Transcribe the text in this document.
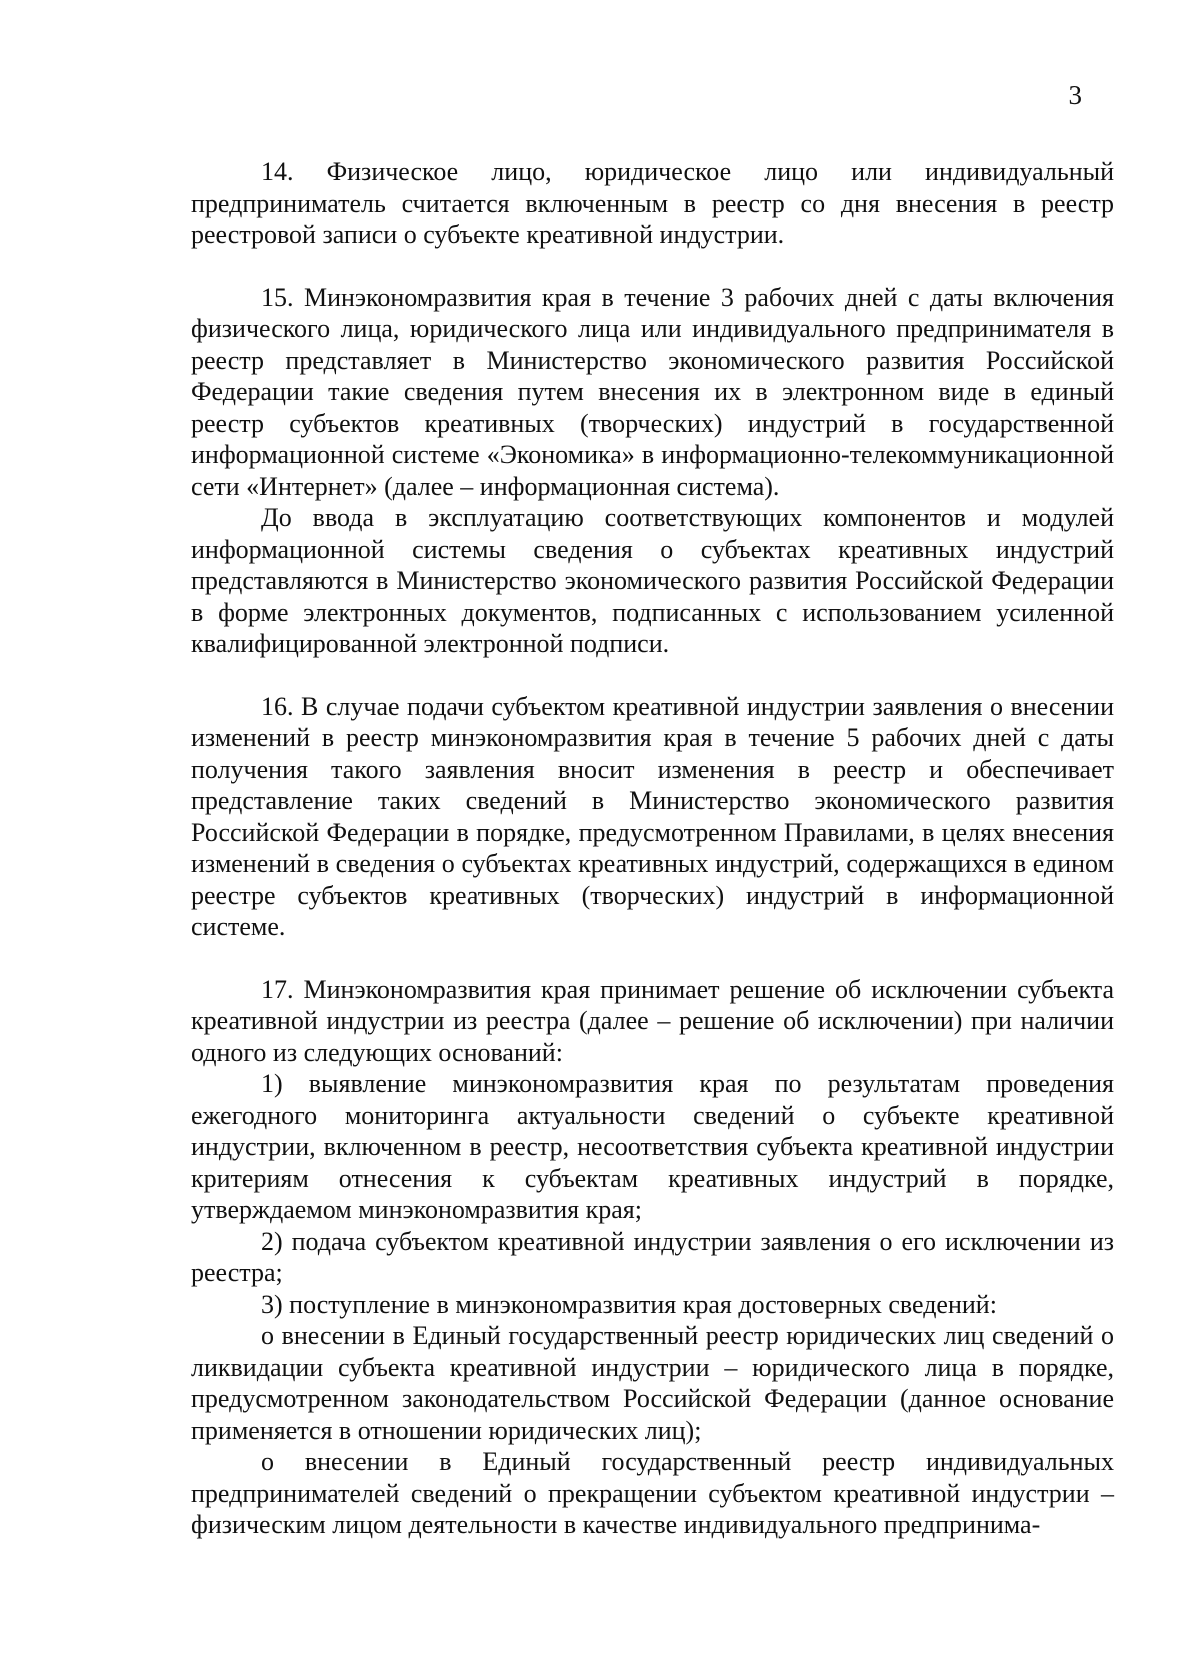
3

14. Физическое лицо, юридическое лицо или индивидуальный предприниматель считается включенным в реестр со дня внесения в реестр реестровой записи о субъекте креативной индустрии.

15. Минэкономразвития края в течение 3 рабочих дней с даты включения физического лица, юридического лица или индивидуального предпринимателя в реестр представляет в Министерство экономического развития Российской Федерации такие сведения путем внесения их в электронном виде в единый реестр субъектов креативных (творческих) индустрий в государственной информационной системе «Экономика» в информационно-телекоммуникационной сети «Интернет» (далее – информационная система).

До ввода в эксплуатацию соответствующих компонентов и модулей информационной системы сведения о субъектах креативных индустрий представляются в Министерство экономического развития Российской Федерации в форме электронных документов, подписанных с использованием усиленной квалифицированной электронной подписи.

16. В случае подачи субъектом креативной индустрии заявления о внесении изменений в реестр минэкономразвития края в течение 5 рабочих дней с даты получения такого заявления вносит изменения в реестр и обеспечивает представление таких сведений в Министерство экономического развития Российской Федерации в порядке, предусмотренном Правилами, в целях внесения изменений в сведения о субъектах креативных индустрий, содержащихся в едином реестре субъектов креативных (творческих) индустрий в информационной системе.

17. Минэкономразвития края принимает решение об исключении субъекта креативной индустрии из реестра (далее – решение об исключении) при наличии одного из следующих оснований:

1) выявление минэкономразвития края по результатам проведения ежегодного мониторинга актуальности сведений о субъекте креативной индустрии, включенном в реестр, несоответствия субъекта креативной индустрии критериям отнесения к субъектам креативных индустрий в порядке, утверждаемом минэкономразвития края;

2) подача субъектом креативной индустрии заявления о его исключении из реестра;

3) поступление в минэкономразвития края достоверных сведений:

о внесении в Единый государственный реестр юридических лиц сведений о ликвидации субъекта креативной индустрии – юридического лица в порядке, предусмотренном законодательством Российской Федерации (данное основание применяется в отношении юридических лиц);

о внесении в Единый государственный реестр индивидуальных предпринимателей сведений о прекращении субъектом креативной индустрии – физическим лицом деятельности в качестве индивидуального предпринима-
